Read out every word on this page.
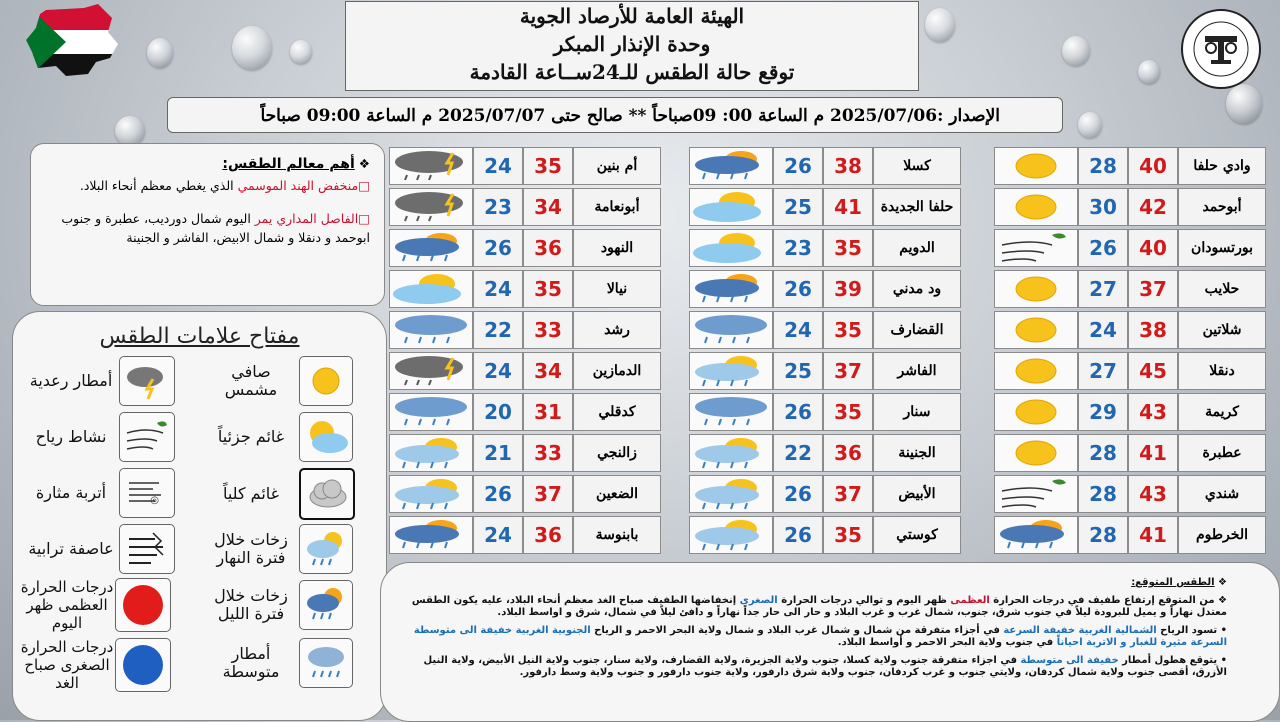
الهيئة العامة للأرصاد الجوية
وحدة الإنذار المبكر
توقع حالة الطقس للـ24ســاعة القادمة
الإصدار :2025/07/06 م الساعة 00: 09صباحاً ** صالح حتى 2025/07/07 م الساعة 09:00 صباحاً
❖ أهم معالم الطقس:
□منخفض الهند الموسمي الذي يغطي معظم أنحاء البلاد.
□الفاصل المداري يمر اليوم شمال دورديب، عطبرة و جنوب ابوحمد و دنقلا و شمال الابيض، الفاشر و الجنينة
مفتاح علامات الطقس
صافي مشمس
غائم جزئياً
غائم كلياً
زخات خلال فترة النهار
زخات خلال فترة الليل
أمطار متوسطة
أمطار رعدية
نشاط رياح
◎
أتربة مثارة
عاصفة ترابية
درجات الحرارة العظمى ظهر اليوم
درجات الحرارة الصغرى صباح الغد
وادي حلفا
40
28
أبوحمد
42
30
بورتسودان
40
26
حلايب
37
27
شلاتين
38
24
دنقلا
45
27
كريمة
43
29
عطبرة
41
28
شندي
43
28
الخرطوم
41
28
كسلا
38
26
حلفا الجديدة
41
25
الدويم
35
23
ود مدني
39
26
القضارف
35
24
الفاشر
37
25
سنار
35
26
الجنينة
36
22
الأبيض
37
26
كوستي
35
26
أم بنين
35
24
أبونعامة
34
23
النهود
36
26
نيالا
35
24
رشد
33
22
الدمازين
34
24
كدقلي
31
20
زالنجي
33
21
الضعين
37
26
بابنوسة
36
24

❖ الطقس المتوقع:

❖ من المتوقع إرتفاع طفيف في درجات الحرارة العظمى ظهر اليوم و توالي درجات الحرارة الصغرى إنخفاضها الطفيف صباح الغد معظم أنحاء البلاد، عليه يكون الطقس معتدل نهاراً و يميل للبرودة ليلاً في جنوب شرق، جنوب، شمال غرب و غرب البلاد و حار الى حار جداً نهاراً و دافئ ليلاً في شمال، شرق و اواسط البلاد.

• تسود الرياح الشمالية الغربية خفيفة السرعة في أجزاء متفرقة من شمال و شمال غرب البلاد و شمال ولاية البحر الاحمر و الرياح الجنوبية الغربية خفيفة الى متوسطة السرعة مثيرة للغبار و الاتربة احياناً في جنوب ولاية البحر الاحمر و أواسط البلاد.

• يتوقع هطول أمطار خفيفة الى متوسطة في اجزاء متفرقة جنوب ولاية كسلا، جنوب ولاية الجزيرة، ولاية القضارف، ولاية سنار، جنوب ولاية النيل الأبيض، ولاية النيل الأزرق، أقصى جنوب ولاية شمال كردفان، ولايتي جنوب و غرب كردفان، جنوب ولاية شرق دارفور، ولاية جنوب دارفور و جنوب ولاية وسط دارفور.
